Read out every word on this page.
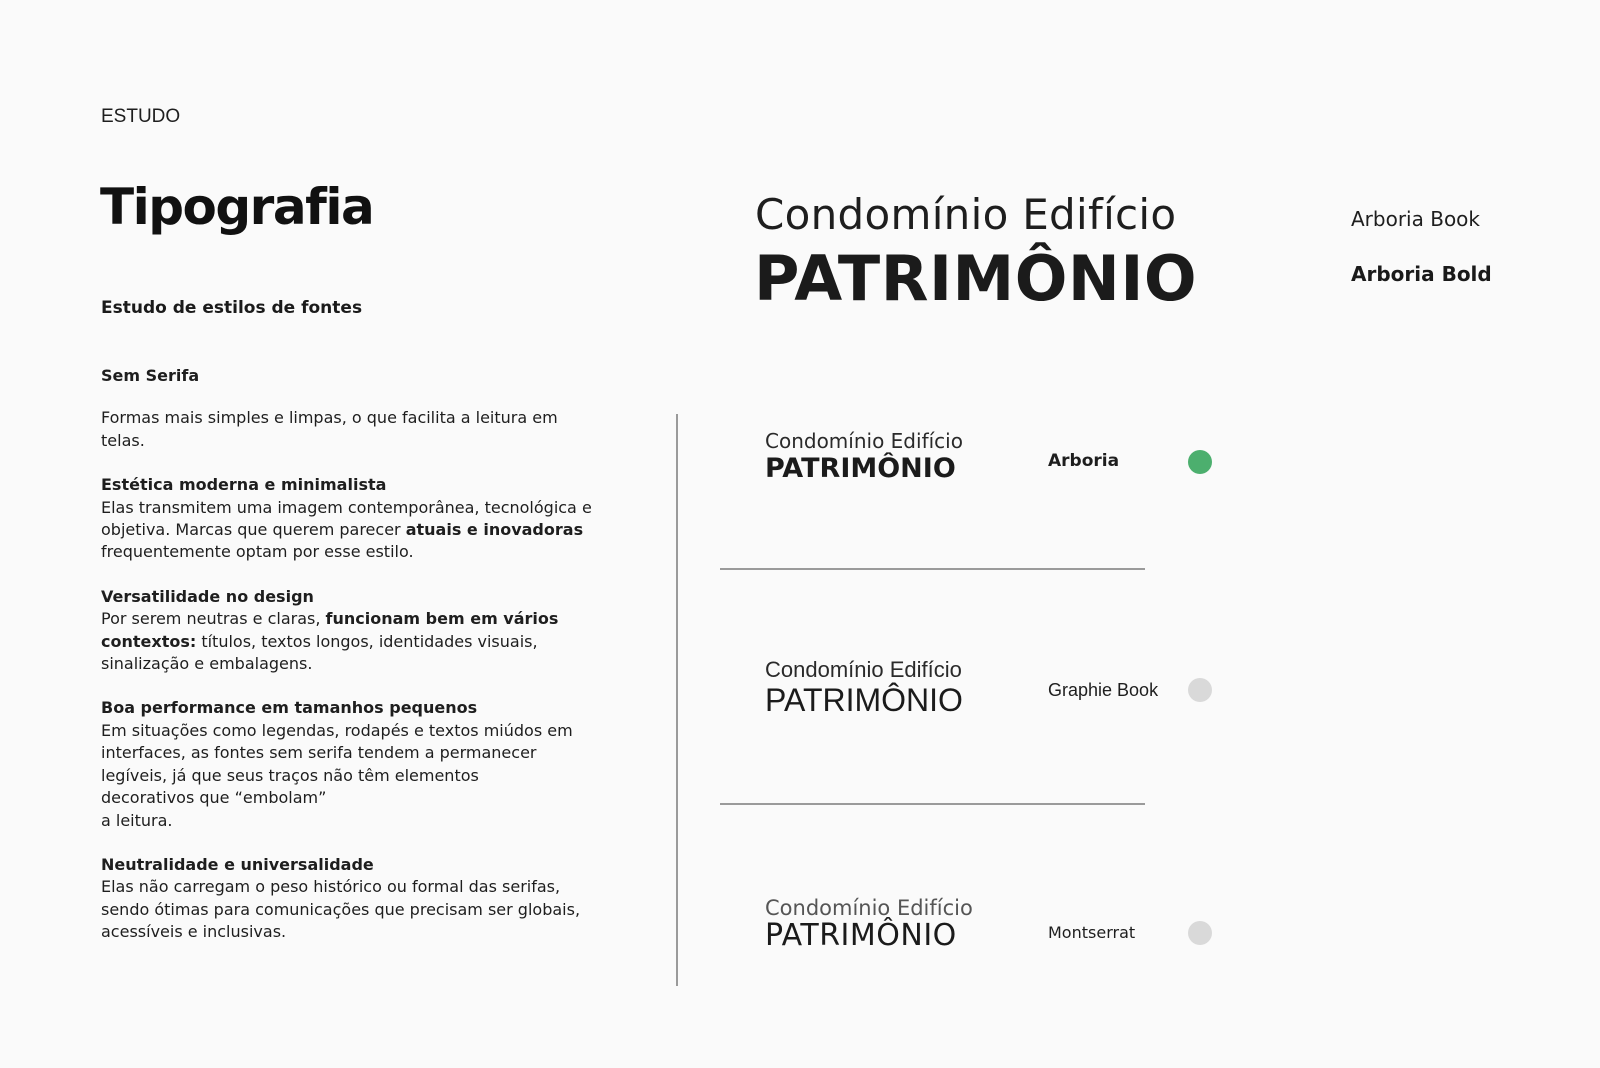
ESTUDO
Tipografia
Estudo de estilos de fontes
Sem Serifa

Formas mais simples e limpas, o que facilita a leitura em telas.

Estética moderna e minimalista

Elas transmitem uma imagem contemporânea, tecnológica e objetiva. Marcas que querem parecer atuais e inovadoras frequentemente optam por esse estilo.

Versatilidade no design

Por serem neutras e claras, funcionam bem em vários contextos: títulos, textos longos, identidades visuais, sinalização e embalagens.

Boa performance em tamanhos pequenos

Em situações como legendas, rodapés e textos miúdos em interfaces, as fontes sem serifa tendem a permanecer legíveis, já que seus traços não têm elementos decorativos que “embolam”

a leitura.

Neutralidade e universalidade

Elas não carregam o peso histórico ou formal das serifas, sendo ótimas para comunicações que precisam ser globais, acessíveis e inclusivas.

Condomínio Edifício
PATRIMÔNIO
Arboria Book
Arboria Bold
Condomínio Edifício
PATRIMÔNIO	Arboria
Condomínio Edifício
PATRIMÔNIO	Graphie Book
Condomínio Edifício
PATRIMÔNIO	Montserrat
